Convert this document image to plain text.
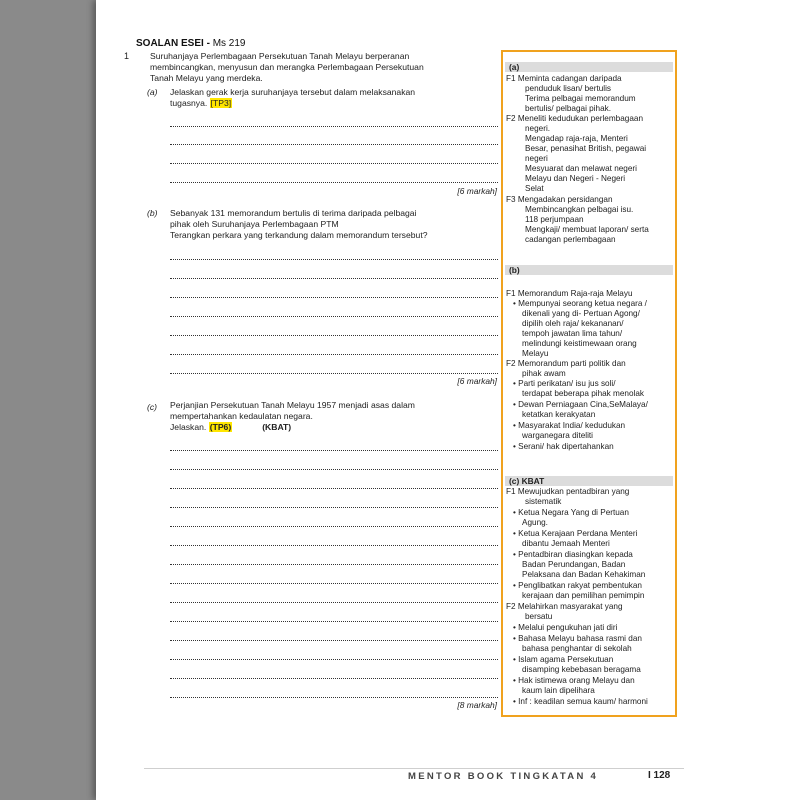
SOALAN ESEI - Ms 219
1 Suruhanjaya Perlembagaan Persekutuan Tanah Melayu berperanan
membincangkan, menyusun dan merangka Perlembagaan Persekutuan
Tanah Melayu yang merdeka.
(a) Jelaskan gerak kerja suruhanjaya tersebut dalam melaksanakan
tugasnya. [TP3]
[6 markah]
(b) Sebanyak 131 memorandum bertulis di terima daripada pelbagai
pihak oleh Suruhanjaya Perlembagaan PTM
Terangkan perkara yang terkandung dalam memorandum tersebut?
[6 markah]
(c) Perjanjian Persekutuan Tanah Melayu 1957 menjadi asas dalam
mempertahankan kedaulatan negara.
Jelaskan. (TP6)	(KBAT)
[8 markah]
(a)
F1 Meminta cadangan daripada
penduduk lisan/ bertulis
Terima pelbagai memorandum
bertulis/ pelbagai pihak.
F2 Meneliti kedudukan perlembagaan
negeri.
Mengadap raja-raja, Menteri
Besar, penasihat British, pegawai
negeri
Mesyuarat dan melawat negeri
Melayu dan Negeri - Negeri
Selat
F3 Mengadakan persidangan
Membincangkan pelbagai isu.
118 perjumpaan
Mengkaji/ membuat laporan/ serta
cadangan perlembagaan
(b)
F1 Memorandum Raja-raja Melayu
• Mempunyai seorang ketua negara /
dikenali yang di- Pertuan Agong/
dipilih oleh raja/ kekananan/
tempoh jawatan lima tahun/
melindungi keistimewaan orang
Melayu
F2 Memorandum parti politik dan
pihak awam
• Parti perikatan/ isu jus soli/
terdapat beberapa pihak menolak
• Dewan Perniagaan Cina,SeMalaya/
ketatkan kerakyatan
• Masyarakat India/ kedudukan
warganegara diteliti
• Serani/ hak dipertahankan
(c) KBAT
F1 Mewujudkan pentadbiran yang
sistematik
• Ketua Negara Yang di Pertuan
Agung.
• Ketua Kerajaan Perdana Menteri
dibantu Jemaah Menteri
• Pentadbiran diasingkan kepada
Badan Perundangan, Badan
Pelaksana dan Badan Kehakiman
• Penglibatkan rakyat pembentukan
kerajaan dan pemilihan pemimpin
F2 Melahirkan masyarakat yang
bersatu
• Melalui pengukuhan jati diri
• Bahasa Melayu bahasa rasmi dan
bahasa penghantar di sekolah
• Islam agama Persekutuan
disamping kebebasan beragama
• Hak istimewa orang Melayu dan
kaum lain dipelihara
• Inf : keadilan semua kaum/ harmoni
MENTOR BOOK TINGKATAN 4	I 128
